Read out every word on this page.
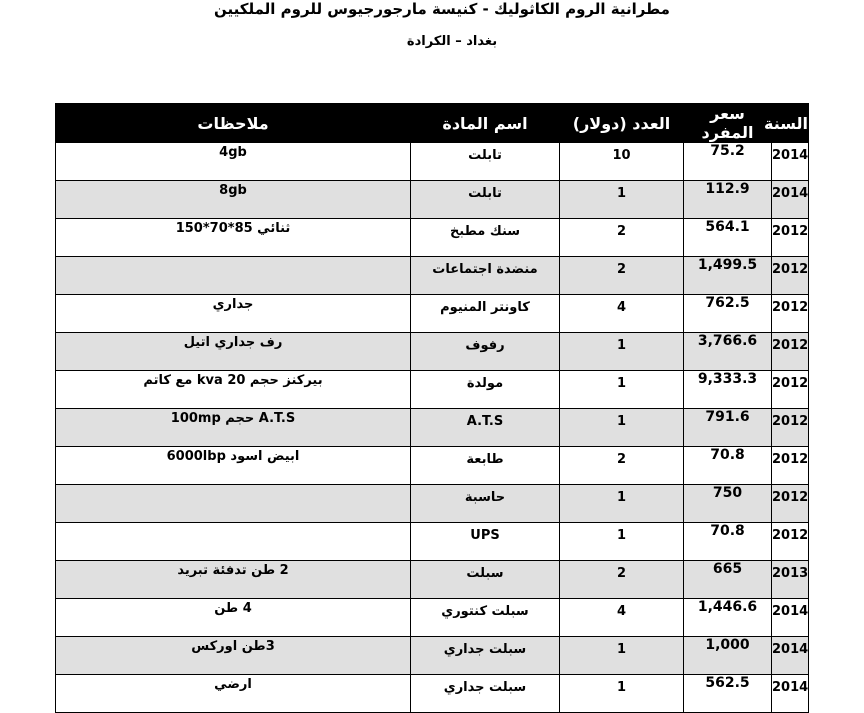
مطرانية الروم الكاثوليك - كنيسة مارجورجيوس للروم الملكيين
بغداد – الكرادة
ملاحظات	اسم المادة	العدد (دولار)	سعر المفرد	السنة
4gb	تابلت	10	75.2	2014
8gb	تابلت	1	112.9	2014
ثنائي 85*70*150	سنك مطبخ	2	564.1	2012
	منضدة اجتماعات	2	1,499.5	2012
جداري	كاونتر المنيوم	4	762.5	2012
رف جداري اتيل	رفوف	1	3,766.6	2012
بيركنز حجم 20 kva مع كاتم	مولدة	1	9,333.3	2012
A.T.S حجم 100mp	A.T.S	1	791.6	2012
ابيض اسود 6000lbp	طابعة	2	70.8	2012
	حاسبة	1	750	2012
	UPS	1	70.8	2012
2 طن تدفئة تبريد	سبلت	2	665	2013
4 طن	سبلت كنتوري	4	1,446.6	2014
3طن اوركس	سبلت جداري	1	1,000	2014
ارضي	سبلت جداري	1	562.5	2014
